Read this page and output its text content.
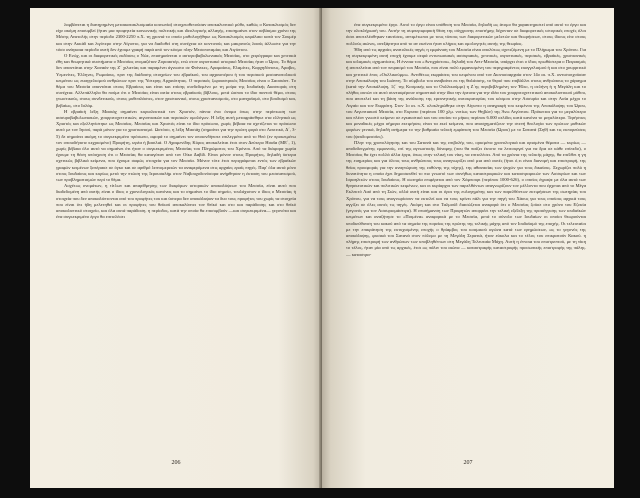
λαμβάνεται η διατηρημένη μεταικατακλυσμιαία κοινωνία) στοιχειοθετούσαν αποκαλυπτικό μύθο, καθώς ο Κατακλυσμός δεν είχε ακόμη επισυμβεί (ήταν μια προφητεία κοινωνικής πολιτικής και ιδεολογικής αλλαγής, επισημαίνει στον σεβάσμιο χρόνο της Μέσης Ανατολής στην περίοδο 2300-2250 π.Χ. τη χρονιά το οποίο μυθολογήθηκε ως Κατακλυσμός κεφάλαιο κατά τον Σουμέρ και στην Ακκάδ και λιγότερο στην Αίγυπτο, για να διαδοθεί στη συνέχεια σε κοντινούς και μακρινούς λαούς άλλωστε για την τόσο ανάγκαια περίοδο αυτή δεν έχουμε γραφή παρά από τον κόσμο πλην Μεσοποταμίας και Αιγύπτου.

Ο Ενώχ, και οι διαφορετικές εκδόσεις ο Νώε, επισημαίνεται ο αστεροβαβυλωνιακός Μεσσίας, στο χειρόγραφο και χετιτικά έθη και θεωρητικά συστήματα ο Μεσσίας ονομαζόταν Ζοροαστέρ, ενώ στον αιγυπτιακό ιστορικό Μεσσίας ήταν ο Ώρος. Το θέμα δεν απαντάται στην Χαναάν της Ζ΄ χιλιετίας και παραμένει άγνωστο σε Φοίνικες, Αραμαίους, Ελαμίτες, Καρχηδόνιους, Άραβες, Υεμενίτες, Έλληνες, Ρωμαίους, πριν της διάδοσης στοιχείων του εβραϊκού, του αρχαιοτέρου ή του περσικού μεσοανατολικού κειμένου ως ευαγγελισμού ανθρώπων πριν της Ύστερης Αρχαιότητας. Ο περσικός ζωροαστρικός Μεσσίας είναι ο Σαοσιάντ. Το θέμα του Μεσσία απαντάται στους Εβραίους και είναι και επίσης συνδεδεμένο με τη μοίρα της Ιουδαϊκής Διασποράς στη συνέχεια. Αλλεπάλληλα θα πούμε ότι ο Μεσσίας είναι αιτία στους εβραϊκούς βίβλους, μετά ώσπου το ίδιο παντού θέμα, στους γνωστικούς, στους συνδετικούς, στους μυθοπλάστες, στον χριστιανικό, στους χριστιανισμούς, στο μανιχαϊσμό, στο βουδισμό και, βεβαίως, στο Ισλάμ.

Η εβραϊκή λέξη Μασιάχ σημαίνει κυριολεκτικά τον Χριστόν, πάντα ένα όνομα όπως στην περίπτωση των ασσυροβαβυλωνιακών, χουρριτοχεττιτικών, αιγυπτιακών και περσικών ομολόγων. Η λέξη αυτή μεταφράσθηκε στα ελληνικά ως Χριστός και εξελληνίστηκε ως Μεσσίας. Μεσσίας και Χριστός είναι το ίδιο πρόσωπο, χωρίς βέβαια να σχετίζεται το πρόσωπο αυτό με τον Ιησού, παρά μόνον για το χριστιανισμό. Ωστόσο, η λέξη Μασιάχ (σημαίνει για την πρώτη φορά στο Λευιτικό, Δ΄, 3-5) δε σημαίνει ακόμη το συγκεκριμένο πρόσωπο, αφορά το σημαίνει τον οποιονδήποτε επιλεγμένο από το Θεό (εν προκειμένω τον οποιοδήποτε κεχρισμένο) Προφήτη, ιερέα ή βασιλιά. Ο Αχαιμενίδης Κύρος αποκαλείται έτσι στον Δεύτερο Ησαΐα (ΜΕ΄, 1), χωρίς βέβαια όλο αυτό να σημαίνει ότι ήταν ο συγκεκριμένος Μεσσίας του Πληρώματος του Χρόνου. Από τα διάφορα χωρία έχουμε τη θέση υπόσχεση ότι ο Μεσσίας θα καταγόταν από τον Οίκο Δαβίδ. Είναι μόνον στους Προφήτες, δηλαδή ύστερα σχετικώς βιβλικά κείμενα, που έχουμε σαφώς στοιχεία για τον Μεσσία. Μόνον τότε έτσι περιγράφεται εντός των εβραϊκών γραφών κειμένων ξεπέρασε σε όγκο και σε αριθμό λεπτομερειών τα αναφερόμενα στις αρχαίες εραϊς πηγές. Παρ' όλα αυτά μόνο στους Ιουδαίους και κυρίως μετά την πτώση της Ιερουσαλήμ στον Ναβουχοδονόσορα ανήρθησαν η έκταση του μεσσιανισμού, των προβληματισμών περί το θέμα.

Ασχέτως ονομάτων, η τίτλων και απαρίθμησης των διαφόρων ιστορικών αποκαλύψεων του Μεσσία, είναι αυτό που διαδεδομένη από αυτής είναι ο ίδιος ο χρονολογικός κανόνας και το σημαίνει το ίδιο σημείο, τουλάχιστον ο ίδιος ο Μεσσίας ή στοιχεία που δεν αποκαλύπτονται από του προφήτες του και ύστερα δεν αποκάλυψαν τα δυο τους προφήτες του χωρίς τα στοιχεία που είναι ότι ήδη μελετηθεί και οι προφήτες του θεϊκού αποκαλύπτει τον θεϊκό και στο και παράδοσης και στο θεϊκό αποκαλυπτικό στοιχείο, και όλα αυτά παράδοση. η περίοδος, κατά την οποία θα επισυμβούν —και συγκεκριμένα— γεγονότα και ένα συγκεκριμένο έργο θα επιτελέσει

206

ένα συγκεκριμένο έργο. Αυτό το έργο είναι υπόθεση του Μεσσία, δηλαδή ως άτομο θα χαρακτηριστεί από αυτό το έργο και την ολοκλήρωσή του. Αυτήν τη συμπεριφορική θέση της σύγχρονης επιστήμης δέχονταν σε διαφορετικές ιστορικές εποχές όλοι όσοι αποτελέσθηκαν ταυτίσεις, αντιμέτωποι με τους τύπους των διαφορετικών μελετών και θεωρήσεων, στους ίδιους είτε στους πολλούς αιώνες, ανεξάρτητα από το αν εκείνοι ήταν κλήρος και ομολογητές αυτής της θεωρίας.

Ήδη από τις αρχαίες ανατολικές πηγές η εμφάνιση του Μεσσία είναι απολύτως σχετιζόμενη με το Πλήρωμα του Χρόνου. Για τη συγκεκριμένη αυτή εποχή έχουμε σειρά εντυπωσιακές ασσυριακές, χετιτικές, αιγυπτιακές, περσικές, εβραϊκές, χριστιανικές και ισλαμικές σχηματίσεις. Η έννοια του «Αντιχρίστου», δηλαδή του Αντι-Μεσσία, υπάρχει έτσι ο ίδιος πρωθύστερα ο Πειρασμός ή αποτελείται από τον πειρασμό του Μεσσία, που είναι πολύ εμφανισμένη του περιγραφέντος ευαγγελισμού ή και στο χουρριτικό και χετιτικό έπος «Ουλλικούμμι». Αντιθέτως εκφράσεις του κειμένου από τον Διονυσοαρχαία στον 14ο αι. π.Χ. αντιστοιχούσαν στην Αποκάλυψη του Ιωάννη. Το σύμβολο του αναβαίνει εκ της θαλάσσης, το θεριό που επιβάλλει στους ανθρώπους το χάραγμα (κατά την Αποκάλυψη, 1ζ΄ της Κοσμικής και το Ουλλικούμμι) η Ζ΄ης περιβεβλημένη τον Ήλιο, η σελήνη ή η Μεγάλη και το πλήθος αυτών σε αυτό συνεισφέρουν σημαντικά στην ίδια την έρευνα για την ιδέα του χουρριτοχεττιτικού αποκαλυπτικού μύθου, που αποτελεί και τη βάση της ανάλυσης της ερευνητικής αυτοκρατορίας του κόσμου στην Ασσυρία και στην Ασία μέχρι το Αιγαίο και τον Ευφράτη. Στον 1ο αι. π.Χ. ολοκληρώθηκε στην Αίγυπτο η αναγραφή του κειμένου της Αποκάλυψης του Ώρου, του Αιγυπτιακού Μεσσία, στο Ευρυπο (περίπου 100 χλμ. νοτίως των Θηβών) της Άνω Αιγύπτου. Πρόκειται για το μεγαλύτερο και πλέον γνωστό κείμενο σε εγκαυστικό και του οποίου το μήκος περίπου 6.000 σελίδες κατά κανόνα το μεγαλύτερο. Τερήστιες και μοναδικές μέχρι σήμερα εκτιμήσεις είναι τα εκεί κείμενα, που ανασχηματίζουν την στενή θεολογία των πρώτων μυθικών φορέων γενικά, δηλαδή ανήμερα το την βαθμιαία τελική εμφάνιση του Μεσσία (Ώρου) με το Σατανά (Σηθ) και τις εκπορεύσεις του (ψευδομεσσίες).

Πλην της χρονολόγησης και του Σατανά και της επιβολής του, ορισμένα χρονολογικά και ορισμένα θέματα — κυρίως — αποδεδειγμένης εμφανούς, επί της αγνωστικής δύναμης (που θα παίζει έκτοτε να λειτουργεί για να δρα σε κάθε επίπεδο), ο Μεσσίας θα έχει πολλά άλλα έργα, όπως στην τελική του νίκη, να επιτελέσει. Από τα χρόνια της τελικής μάχης, θα επέλθει η γη της ευημερίας και για όλους τους ανθρώπους τους αναγνωρίζει από μια από αυτές (ήτοι ό,τι είναι διανομή και επιστροφή, της θείας προσφοράς για την αναγνώριση της ευθύνης της τύχης), της αθανασίας των ψυχών για τους δικαίους. Ξεχωρίζει πολύ η δυνατότητα η οποία έχει δημοσιευθεί το πιο γνωστό των συνήθως καταστροφικών και καταστροφικών των Ασσυρίων και των Ισραηλιτών στους Ιουδαίους. Η σωτηρία επιφέρεται από τον Χάμπουρι (περίπου 1000-626), ο οποίος έγραψε με όλα αυτά των θρησκευτικών και πολιτικών κειμένων, και οι κυρίαρχοι των παρελθόντων αναγνωρίζουν τον μέλλοντα που έρχεται από το Μέγα Εκλεκτό Λαό από τη Σιών, αλλά αυτή είναι και οι όροι της ευλογημένης και των παρελθόντων εκτιμήσεων της σωτηρίας του Χρόνου, για να τους αναγνωρίσουν να εκτελεί και να τους κρίνει πάλι για την πηγή του Χάους για τους οποίους αρχικά τους αγγίζει σε όλες αυτές τις πηγές. Ακόμη και στο Ταλμούδ διασώζεται αναφορά ότι ο Μεσσίας ζούσε στο χρόνο του Εζεκία (γεγονός για τον Ασσυριομάστιγα). Η επισήμανση των Προφητών απορρέει την τελική εξέλιξη της προσέγγισης των ιουδαϊκών κειμένων και αναζήτησε το «Ποιμένα» αναφορικά με το Μεσσία, μετά το σύνολο των Ιουδαίων οι οποίοι θεωρούνται υποδιεύθυνση του κακού από τα σημεία της πορείας της πρώτης της τελικής μάχης από τον Ιουδαϊσμό της εποχής. Οι τελευταίοι με την επικράτηση της ευτυχισμένης εποχής ο θρίαμβος του κοσμικού αγώνα κατά των ερημώσεων, ως το γεγονός της αποκάλυψης, φυσικά του Σατανά στον πόλεμο με τη Μεγάλη Στρατιά, ήταν εύκολα και το τέλος του επικρατούν Κακού. η πλήρης επιστροφή των ανθρώπων των υποβληθέντων στη Μεγάλη Τελευταία Μάχη. Αυτή η έννοια του επιστρεπτού, με τη νίκη το τέλος, ήταν μία από τις αρχικές, έτσι ως πάλιν του αιώνα — καταστραφής καταστροφής προσωπικής επιστροφής της πάλης. — καταστρα-

207
